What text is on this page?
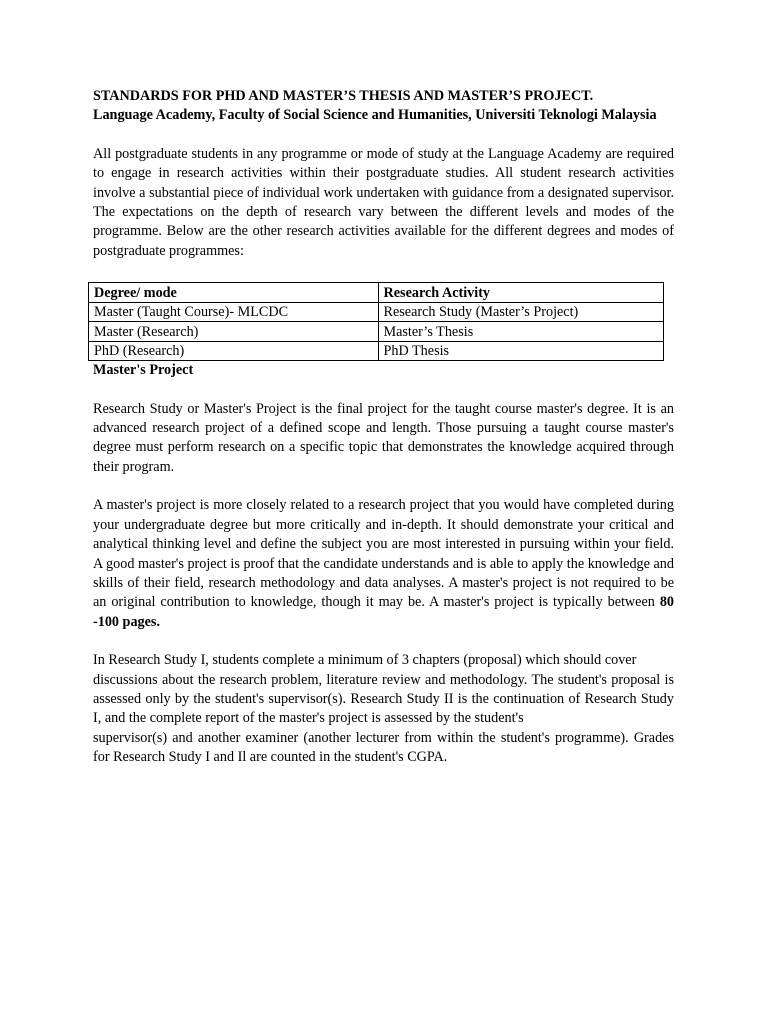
STANDARDS FOR PHD AND MASTER’S THESIS AND MASTER’S PROJECT.

Language Academy, Faculty of Social Science and Humanities, Universiti Teknologi Malaysia

All postgraduate students in any programme or mode of study at the Language Academy are required to engage in research activities within their postgraduate studies. All student research activities involve a substantial piece of individual work undertaken with guidance from a designated supervisor. The expectations on the depth of research vary between the different levels and modes of the programme. Below are the other research activities available for the different degrees and modes of postgraduate programmes:

Degree/ mode	Research Activity
Master (Taught Course)- MLCDC	Research Study (Master’s Project)
Master (Research)	Master’s Thesis
PhD (Research)	PhD Thesis

Master's Project

Research Study or Master's Project is the final project for the taught course master's degree. It is an advanced research project of a defined scope and length. Those pursuing a taught course master's degree must perform research on a specific topic that demonstrates the knowledge acquired through their program.

A master's project is more closely related to a research project that you would have completed during your undergraduate degree but more critically and in-depth. It should demonstrate your critical and analytical thinking level and define the subject you are most interested in pursuing within your field. A good master's project is proof that the candidate understands and is able to apply the knowledge and skills of their field, research methodology and data analyses. A master's project is not required to be an original contribution to knowledge, though it may be. A master's project is typically between 80 -100 pages.

In Research Study I, students complete a minimum of 3 chapters (proposal) which should cover

discussions about the research problem, literature review and methodology. The student's proposal is assessed only by the student's supervisor(s). Research Study II is the continuation of Research Study I, and the complete report of the master's project is assessed by the student's

supervisor(s) and another examiner (another lecturer from within the student's programme). Grades for Research Study I and Il are counted in the student's CGPA.
